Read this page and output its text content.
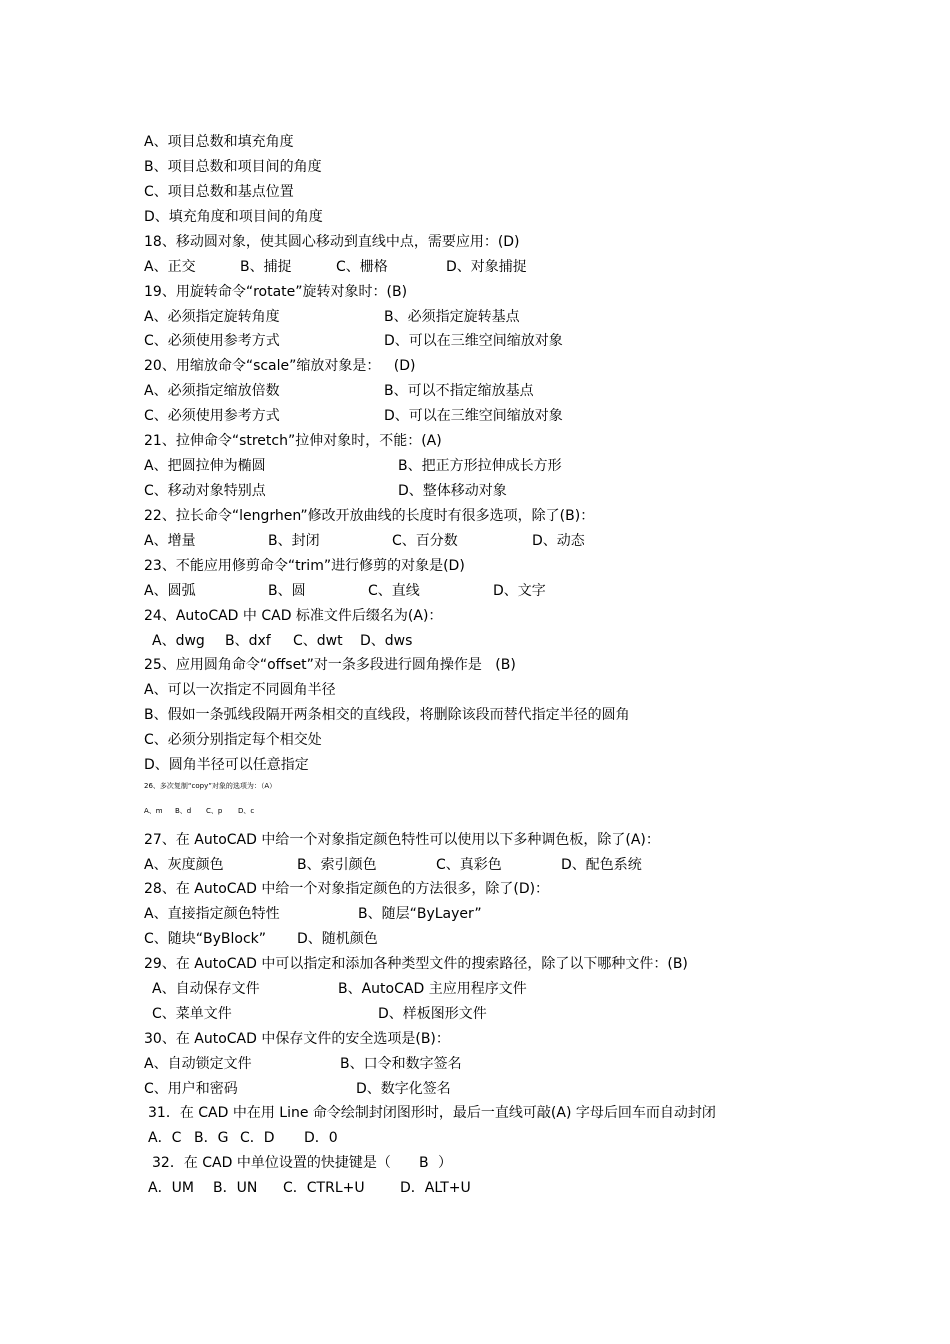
A、项目总数和填充角度
B、项目总数和项目间的角度
C、项目总数和基点位置
D、填充角度和项目间的角度
18、移动圆对象，使其圆心移动到直线中点，需要应用：(D)
A、正交	B、捕捉	C、栅格	D、对象捕捉
19、用旋转命令“rotate”旋转对象时：(B)
A、必须指定旋转角度	B、必须指定旋转基点
C、必须使用参考方式	D、可以在三维空间缩放对象
20、用缩放命令“scale”缩放对象是：   (D)
A、必须指定缩放倍数	B、可以不指定缩放基点
C、必须使用参考方式	D、可以在三维空间缩放对象
21、拉伸命令“stretch”拉伸对象时，不能：(A)
A、把圆拉伸为椭圆	B、把正方形拉伸成长方形
C、移动对象特别点	D、整体移动对象
22、拉长命令“lengrhen”修改开放曲线的长度时有很多选项，除了(B)：
A、增量	B、封闭	C、百分数	D、动态
23、不能应用修剪命令“trim”进行修剪的对象是(D)
A、圆弧	B、圆	C、直线	D、文字
24、AutoCAD 中 CAD 标准文件后缀名为(A)：
A、dwg B、dxf C、dwt D、dws
25、应用圆角命令“offset”对一条多段进行圆角操作是   (B)
A、可以一次指定不同圆角半径
B、假如一条弧线段隔开两条相交的直线段，将删除该段而替代指定半径的圆角
C、必须分别指定每个相交处
D、圆角半径可以任意指定
26、多次复制“copy”对象的选项为：（A）
A、m B、d C、p D、c
27、在 AutoCAD 中给一个对象指定颜色特性可以使用以下多种调色板，除了(A)：
A、灰度颜色	B、索引颜色	C、真彩色	D、配色系统
28、在 AutoCAD 中给一个对象指定颜色的方法很多，除了(D)：
A、直接指定颜色特性	B、随层“ByLayer”
C、随块“ByBlock” D、随机颜色
29、在 AutoCAD 中可以指定和添加各种类型文件的搜索路径，除了以下哪种文件：(B)
A、自动保存文件	B、AutoCAD 主应用程序文件
C、菜单文件	D、样板图形文件
30、在 AutoCAD 中保存文件的安全选项是(B)：
A、自动锁定文件	B、口令和数字签名
C、用户和密码	D、数字化签名
31．在 CAD 中在用 Line 命令绘制封闭图形时，最后一直线可敲(A) 字母后回车而自动封闭
A．C B．G C．D D．0
32．在 CAD 中单位设置的快捷键是（ B ）
A．UM B．UN C．CTRL+U	D．ALT+U
